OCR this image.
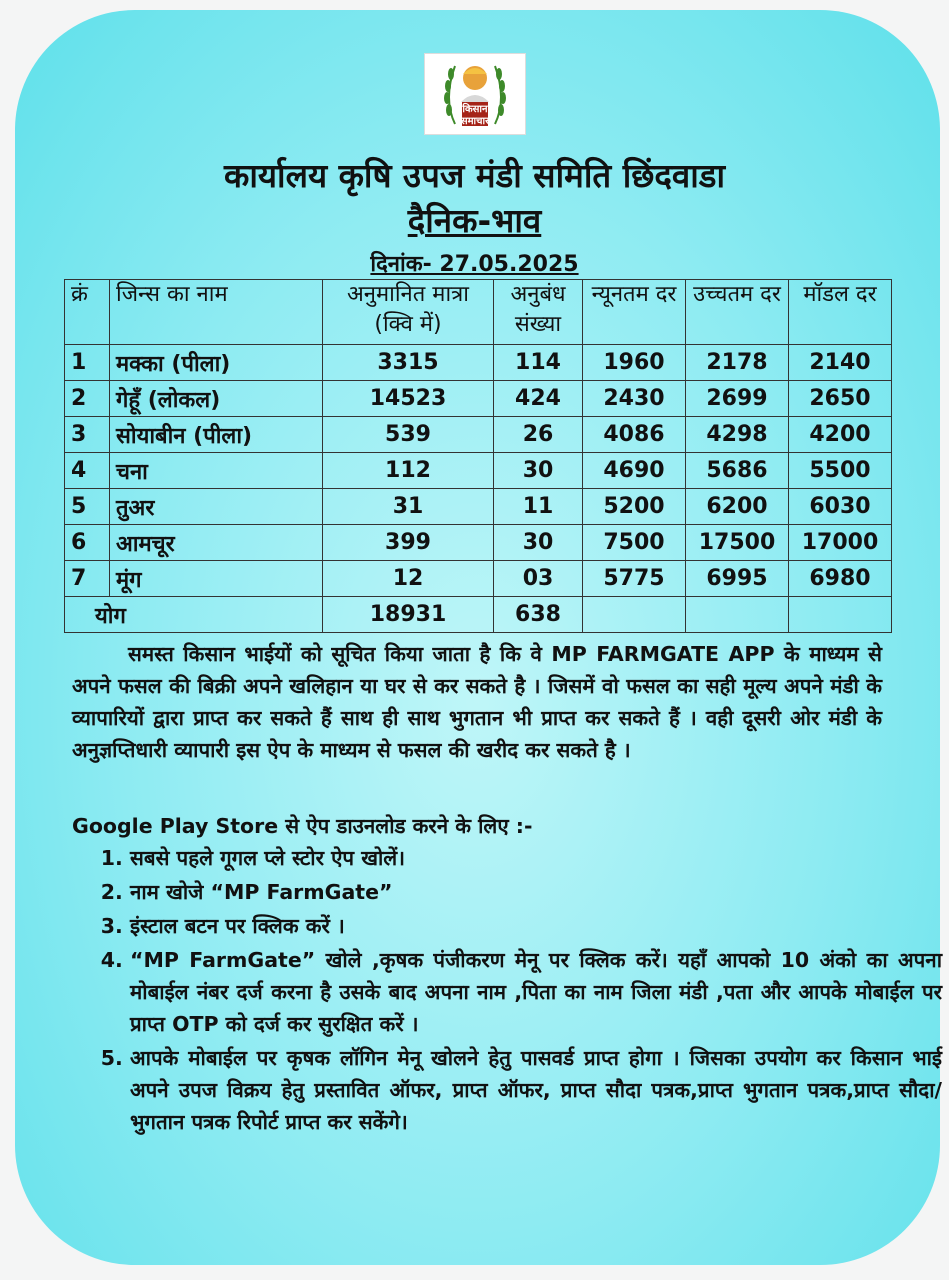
किसान
समाचार
कार्यालय कृषि उपज मंडी समिति छिंदवाडा
दैनिक-भाव
दिनांक- 27.05.2025
क्रं	जिन्स का नाम	अनुमानित मात्रा (क्वि में)	अनुबंध संख्या	न्यूनतम दर	उच्चतम दर	मॉडल दर
1	मक्का (पीला)	3315	114	1960	2178	2140
2	गेहूँ (लोकल)	14523	424	2430	2699	2650
3	सोयाबीन (पीला)	539	26	4086	4298	4200
4	चना	112	30	4690	5686	5500
5	तुअर	31	11	5200	6200	6030
6	आमचूर	399	30	7500	17500	17000
7	मूंग	12	03	5775	6995	6980
योग		18931	638			
समस्त किसान भाईयों को सूचित किया जाता है कि वे MP FARMGATE APP के माध्यम से अपने फसल की बिक्री अपने खलिहान या घर से कर सकते है । जिसमें वो फसल का सही मूल्य अपने मंडी के व्यापारियों द्वारा प्राप्त कर सकते हैं साथ ही साथ भुगतान भी प्राप्त कर सकते हैं । वही दूसरी ओर मंडी के अनुज्ञप्तिधारी व्यापारी इस ऐप के माध्यम से फसल की खरीद कर सकते है ।
Google Play Store से ऐप डाउनलोड करने के लिए :-
1. सबसे पहले गूगल प्ले स्टोर ऐप खोलें।
2. नाम खोजे “MP FarmGate”
3. इंस्टाल बटन पर क्लिक करें ।
4. “MP FarmGate” खोले ,कृषक पंजीकरण मेनू पर क्लिक करें। यहाँ आपको 10 अंको का अपना मोबाईल नंबर दर्ज करना है उसके बाद अपना नाम ,पिता का नाम जिला मंडी ,पता और आपके मोबाईल पर प्राप्त OTP को दर्ज कर सुरक्षित करें ।
5. आपके मोबाईल पर कृषक लॉगिन मेनू खोलने हेतु पासवर्ड प्राप्त होगा । जिसका उपयोग कर किसान भाई अपने उपज विक्रय हेतु प्रस्तावित ऑफर, प्राप्त ऑफर, प्राप्त सौदा पत्रक,प्राप्त भुगतान पत्रक,प्राप्त सौदा/भुगतान पत्रक रिपोर्ट प्राप्त कर सकेंगे।
